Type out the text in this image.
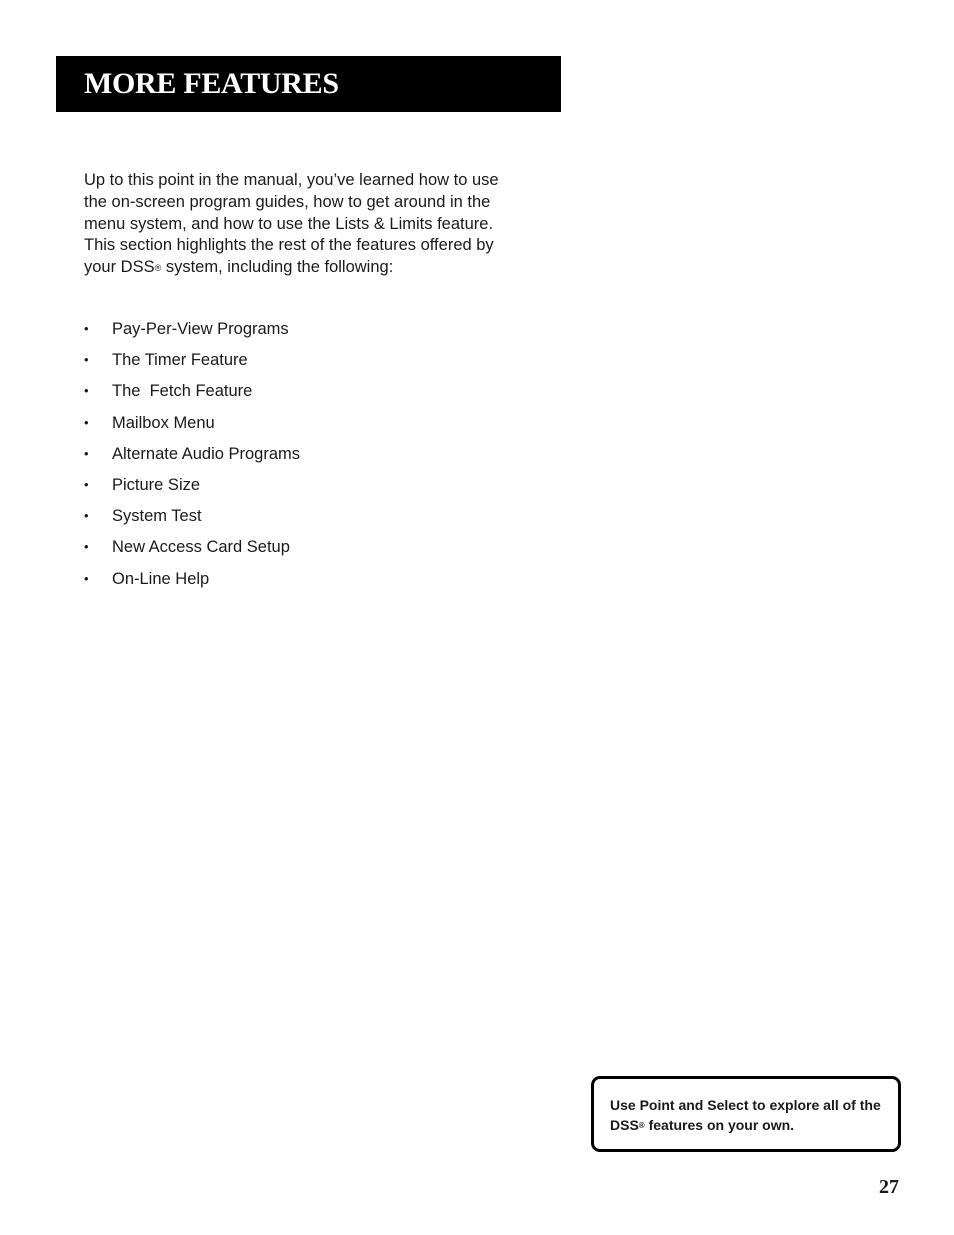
MORE FEATURES

Up to this point in the manual, you’ve learned how to use the on-screen program guides, how to get around in the menu system, and how to use the Lists & Limits feature. This section highlights the rest of the features offered by your DSS® system, including the following:

• Pay-Per-View Programs
• The Timer Feature
• The  Fetch Feature
• Mailbox Menu
• Alternate Audio Programs
• Picture Size
• System Test
• New Access Card Setup
• On-Line Help
Use Point and Select to explore all of the DSS® features on your own.
27
